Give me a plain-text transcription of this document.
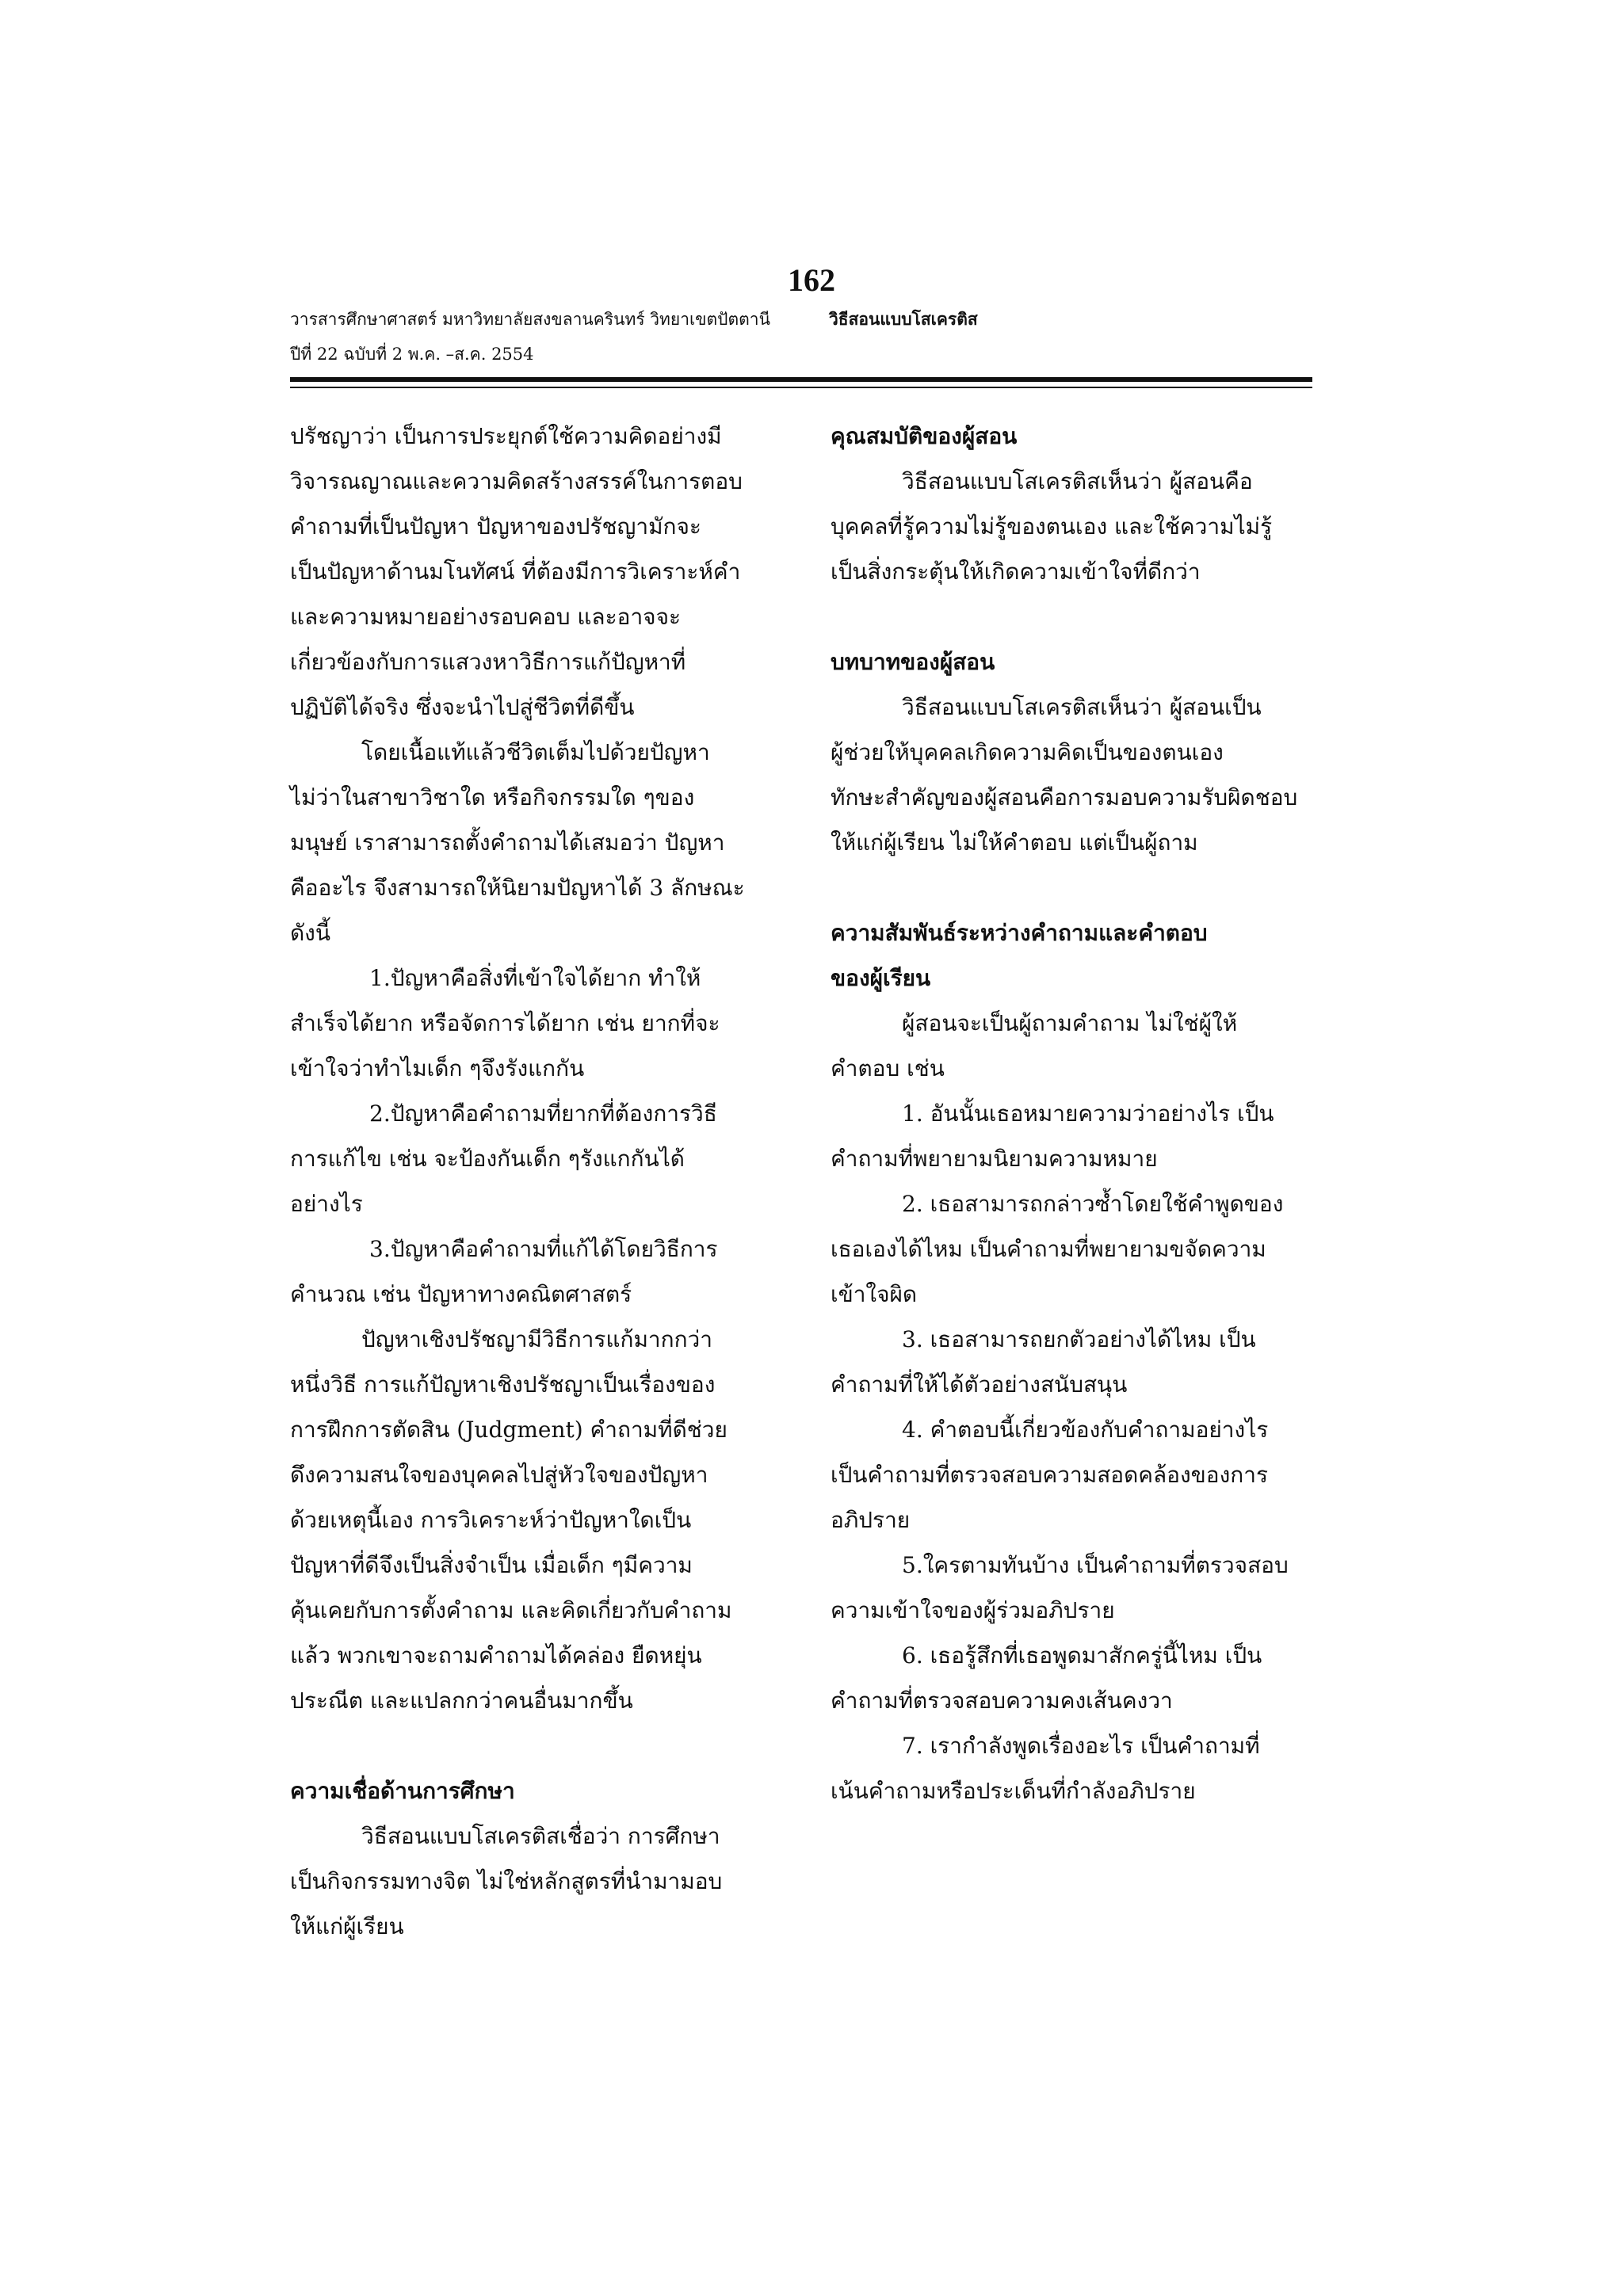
162
วารสารศึกษาศาสตร์ มหาวิทยาลัยสงขลานครินทร์ วิทยาเขตปัตตานี
ปีที่ 22 ฉบับที่ 2 พ.ค. –ส.ค. 2554
วิธีสอนแบบโสเครติส

ปรัชญาว่า เป็นการประยุกต์ใช้ความคิดอย่างมี
วิจารณญาณและความคิดสร้างสรรค์ในการตอบ
คำถามที่เป็นปัญหา ปัญหาของปรัชญามักจะ
เป็นปัญหาด้านมโนทัศน์ ที่ต้องมีการวิเคราะห์คำ
และความหมายอย่างรอบคอบ และอาจจะ
เกี่ยวข้องกับการแสวงหาวิธีการแก้ปัญหาที่
ปฏิบัติได้จริง ซึ่งจะนำไปสู่ชีวิตที่ดีขึ้น

โดยเนื้อแท้แล้วชีวิตเต็มไปด้วยปัญหา
ไม่ว่าในสาขาวิชาใด หรือกิจกรรมใด ๆของ
มนุษย์ เราสามารถตั้งคำถามได้เสมอว่า ปัญหา
คืออะไร จึงสามารถให้นิยามปัญหาได้ 3 ลักษณะ
ดังนี้

1.ปัญหาคือสิ่งที่เข้าใจได้ยาก ทำให้
สำเร็จได้ยาก หรือจัดการได้ยาก เช่น ยากที่จะ
เข้าใจว่าทำไมเด็ก ๆจึงรังแกกัน

2.ปัญหาคือคำถามที่ยากที่ต้องการวิธี
การแก้ไข เช่น จะป้องกันเด็ก ๆรังแกกันได้
อย่างไร

3.ปัญหาคือคำถามที่แก้ได้โดยวิธีการ
คำนวณ เช่น ปัญหาทางคณิตศาสตร์

ปัญหาเชิงปรัชญามีวิธีการแก้มากกว่า
หนึ่งวิธี การแก้ปัญหาเชิงปรัชญาเป็นเรื่องของ
การฝึกการตัดสิน (Judgment) คำถามที่ดีช่วย
ดึงความสนใจของบุคคลไปสู่หัวใจของปัญหา
ด้วยเหตุนี้เอง การวิเคราะห์ว่าปัญหาใดเป็น
ปัญหาที่ดีจึงเป็นสิ่งจำเป็น เมื่อเด็ก ๆมีความ
คุ้นเคยกับการตั้งคำถาม และคิดเกี่ยวกับคำถาม
แล้ว พวกเขาจะถามคำถามได้คล่อง ยืดหยุ่น
ประณีต และแปลกกว่าคนอื่นมากขึ้น

ความเชื่อด้านการศึกษา

วิธีสอนแบบโสเครติสเชื่อว่า การศึกษา
เป็นกิจกรรมทางจิต ไม่ใช่หลักสูตรที่นำมามอบ
ให้แก่ผู้เรียน

คุณสมบัติของผู้สอน

วิธีสอนแบบโสเครติสเห็นว่า ผู้สอนคือ
บุคคลที่รู้ความไม่รู้ของตนเอง และใช้ความไม่รู้
เป็นสิ่งกระตุ้นให้เกิดความเข้าใจที่ดีกว่า

บทบาทของผู้สอน

วิธีสอนแบบโสเครติสเห็นว่า ผู้สอนเป็น
ผู้ช่วยให้บุคคลเกิดความคิดเป็นของตนเอง
ทักษะสำคัญของผู้สอนคือการมอบความรับผิดชอบ
ให้แก่ผู้เรียน ไม่ให้คำตอบ แต่เป็นผู้ถาม

ความสัมพันธ์ระหว่างคำถามและคำตอบ
ของผู้เรียน

ผู้สอนจะเป็นผู้ถามคำถาม ไม่ใช่ผู้ให้
คำตอบ เช่น

1. อันนั้นเธอหมายความว่าอย่างไร เป็น
คำถามที่พยายามนิยามความหมาย

2. เธอสามารถกล่าวซ้ำโดยใช้คำพูดของ
เธอเองได้ไหม เป็นคำถามที่พยายามขจัดความ
เข้าใจผิด

3. เธอสามารถยกตัวอย่างได้ไหม เป็น
คำถามที่ให้ได้ตัวอย่างสนับสนุน

4. คำตอบนี้เกี่ยวข้องกับคำถามอย่างไร
เป็นคำถามที่ตรวจสอบความสอดคล้องของการ
อภิปราย

5.ใครตามทันบ้าง เป็นคำถามที่ตรวจสอบ
ความเข้าใจของผู้ร่วมอภิปราย

6. เธอรู้สึกที่เธอพูดมาสักครู่นี้ไหม เป็น
คำถามที่ตรวจสอบความคงเส้นคงวา

7. เรากำลังพูดเรื่องอะไร เป็นคำถามที่
เน้นคำถามหรือประเด็นที่กำลังอภิปราย
